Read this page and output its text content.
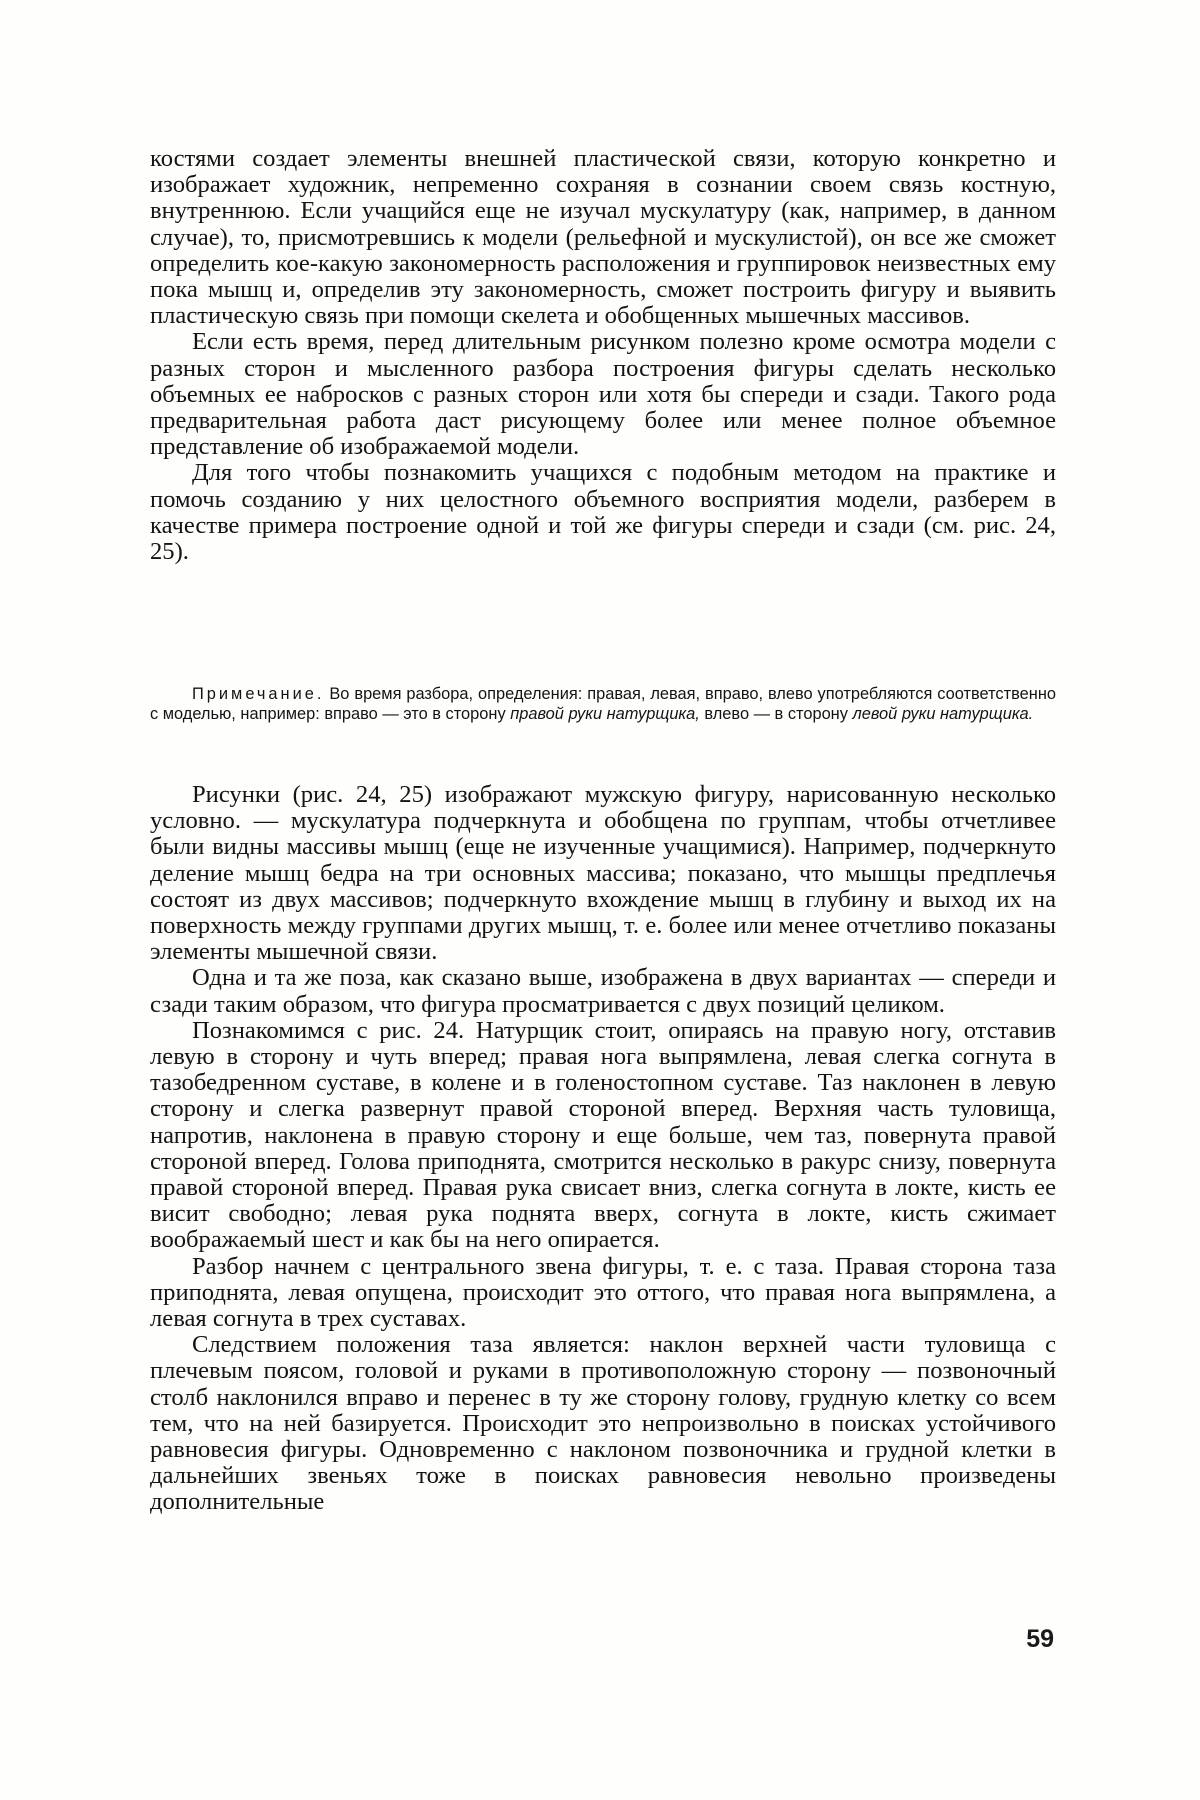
костями создает элементы внешней пластической связи, которую конкретно и изображает художник, непременно сохраняя в сознании своем связь костную, внутреннюю. Если учащийся еще не изучал мускулатуру (как, например, в данном случае), то, присмотревшись к модели (рельефной и мускулистой), он все же сможет определить кое-какую закономерность расположения и группировок неизвестных ему пока мышц и, определив эту закономерность, сможет построить фигуру и выявить пластическую связь при помощи скелета и обобщенных мышечных массивов.

Если есть время, перед длительным рисунком полезно кроме осмотра модели с разных сторон и мысленного разбора построения фигуры сделать несколько объемных ее набросков с разных сторон или хотя бы спереди и сзади. Такого рода предварительная работа даст рисующему более или менее полное объемное представление об изображаемой модели.

Для того чтобы познакомить учащихся с подобным методом на практике и помочь созданию у них целостного объемного восприятия модели, разберем в качестве примера построение одной и той же фигуры спереди и сзади (см. рис. 24, 25).

Примечание. Во время разбора, определения: правая, левая, вправо, влево употребляются соответственно с моделью, например: вправо — это в сторону правой руки натурщика, влево — в сторону левой руки натурщика.

Рисунки (рис. 24, 25) изображают мужскую фигуру, нарисованную несколько условно. — мускулатура подчеркнута и обобщена по группам, чтобы отчетливее были видны массивы мышц (еще не изученные учащимися). Например, подчеркнуто деление мышц бедра на три основных массива; показано, что мышцы предплечья состоят из двух массивов; подчеркнуто вхождение мышц в глубину и выход их на поверхность между группами других мышц, т. е. более или менее отчетливо показаны элементы мышечной связи.

Одна и та же поза, как сказано выше, изображена в двух вариантах — спереди и сзади таким образом, что фигура просматривается с двух позиций целиком.

Познакомимся с рис. 24. Натурщик стоит, опираясь на правую ногу, отставив левую в сторону и чуть вперед; правая нога выпрямлена, левая слегка согнута в тазобедренном суставе, в колене и в голеностопном суставе. Таз наклонен в левую сторону и слегка развернут правой стороной вперед. Верхняя часть туловища, напротив, наклонена в правую сторону и еще больше, чем таз, повернута правой стороной вперед. Голова приподнята, смотрится несколько в ракурс снизу, повернута правой стороной вперед. Правая рука свисает вниз, слегка согнута в локте, кисть ее висит свободно; левая рука поднята вверх, согнута в локте, кисть сжимает воображаемый шест и как бы на него опирается.

Разбор начнем с центрального звена фигуры, т. е. с таза. Правая сторона таза приподнята, левая опущена, происходит это оттого, что правая нога выпрямлена, а левая согнута в трех суставах.

Следствием положения таза является: наклон верхней части туловища с плечевым поясом, головой и руками в противоположную сторону — позвоночный столб наклонился вправо и перенес в ту же сторону голову, грудную клетку со всем тем, что на ней базируется. Происходит это непроизвольно в поисках устойчивого равновесия фигуры. Одновременно с наклоном позвоночника и грудной клетки в дальнейших звеньях тоже в поисках равновесия невольно произведены дополнительные

59
